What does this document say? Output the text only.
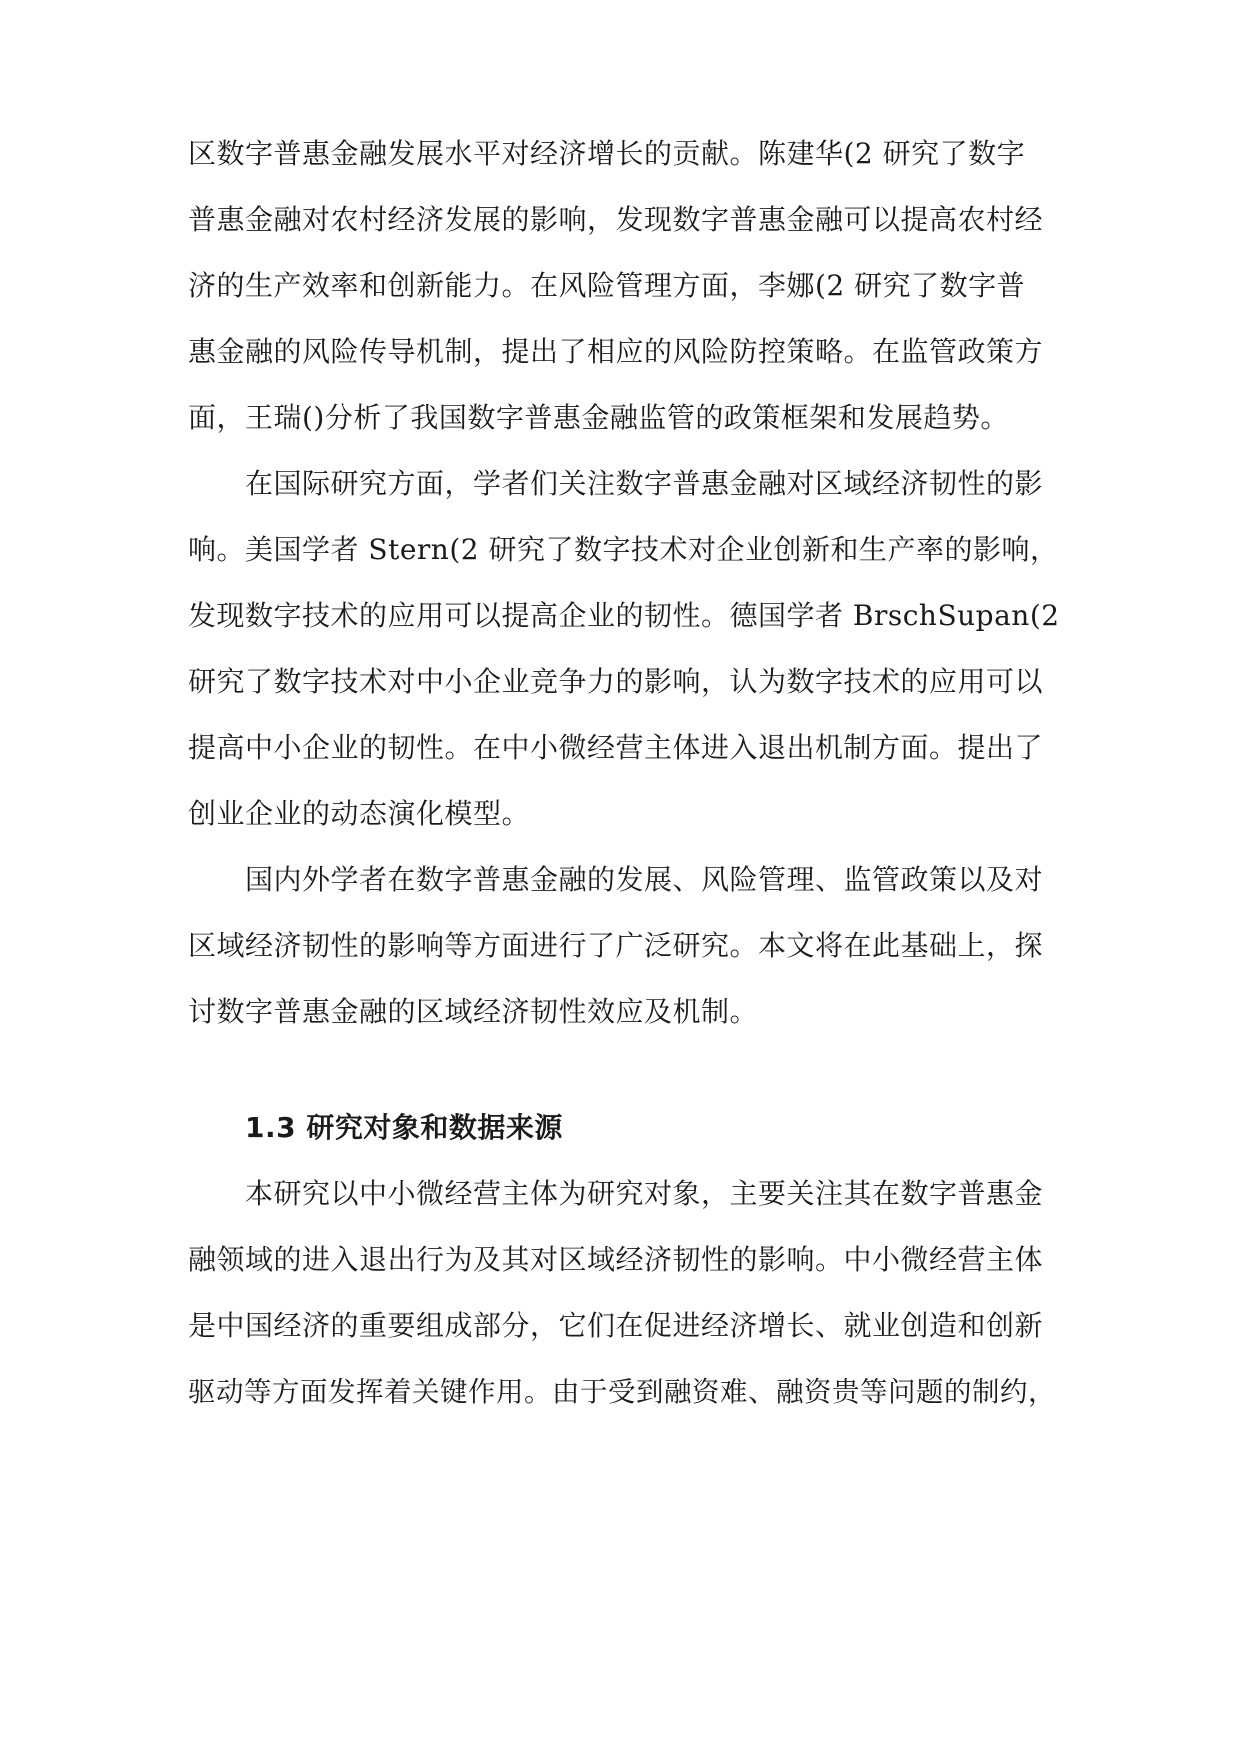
区数字普惠金融发展水平对经济增长的贡献。陈建华(2 研究了数字
普惠金融对农村经济发展的影响，发现数字普惠金融可以提高农村经
济的生产效率和创新能力。在风险管理方面，李娜(2 研究了数字普
惠金融的风险传导机制，提出了相应的风险防控策略。在监管政策方
面，王瑞()分析了我国数字普惠金融监管的政策框架和发展趋势。
在国际研究方面，学者们关注数字普惠金融对区域经济韧性的影
响。美国学者 Stern(2 研究了数字技术对企业创新和生产率的影响，
发现数字技术的应用可以提高企业的韧性。德国学者 BrschSupan(2
研究了数字技术对中小企业竞争力的影响，认为数字技术的应用可以
提高中小企业的韧性。在中小微经营主体进入退出机制方面。提出了
创业企业的动态演化模型。
国内外学者在数字普惠金融的发展、风险管理、监管政策以及对
区域经济韧性的影响等方面进行了广泛研究。本文将在此基础上，探
讨数字普惠金融的区域经济韧性效应及机制。
1.3 研究对象和数据来源
本研究以中小微经营主体为研究对象，主要关注其在数字普惠金
融领域的进入退出行为及其对区域经济韧性的影响。中小微经营主体
是中国经济的重要组成部分，它们在促进经济增长、就业创造和创新
驱动等方面发挥着关键作用。由于受到融资难、融资贵等问题的制约，
